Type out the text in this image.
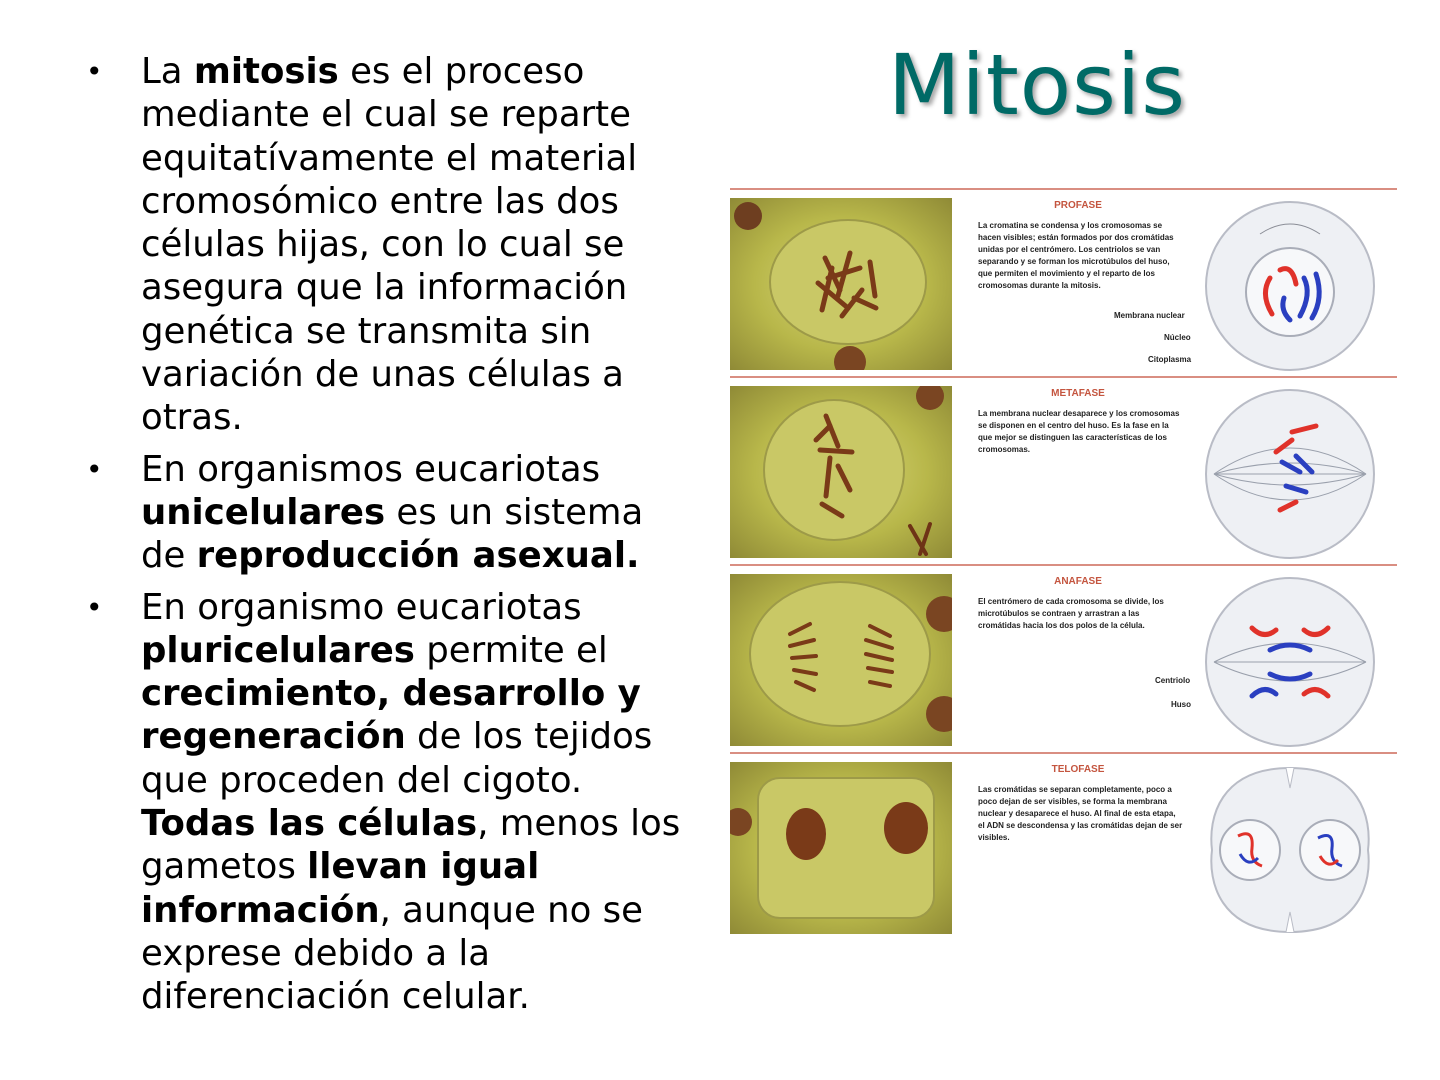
Mitosis
• La mitosis es el proceso mediante el cual se reparte equitatívamente el material cromosómico entre las dos células hijas, con lo cual se asegura que la información genética se transmita sin variación de unas células a otras.
• En organismos eucariotas unicelulares es un sistema de reproducción asexual.
• En organismo eucariotas pluricelulares permite el crecimiento, desarrollo y regeneración de los tejidos que proceden del cigoto. Todas las células, menos los gametos llevan igual información, aunque no se exprese debido a la diferenciación celular.
PROFASE
La cromatina se condensa y los cromosomas se hacen visibles; están formados por dos cromátidas unidas por el centrómero. Los centriolos se van separando y se forman los microtúbulos del huso, que permiten el movimiento y el reparto de los cromosomas durante la mitosis.
Membrana nuclear
Núcleo
Citoplasma
METAFASE
La membrana nuclear desaparece y los cromosomas se disponen en el centro del huso. Es la fase en la que mejor se distinguen las características de los cromosomas.
Centriolo
Huso
ANAFASE
El centrómero de cada cromosoma se divide, los microtúbulos se contraen y arrastran a las cromátidas hacia los dos polos de la célula.
TELOFASE
Las cromátidas se separan completamente, poco a poco dejan de ser visibles, se forma la membrana nuclear y desaparece el huso. Al final de esta etapa, el ADN se descondensa y las cromátidas dejan de ser visibles.
